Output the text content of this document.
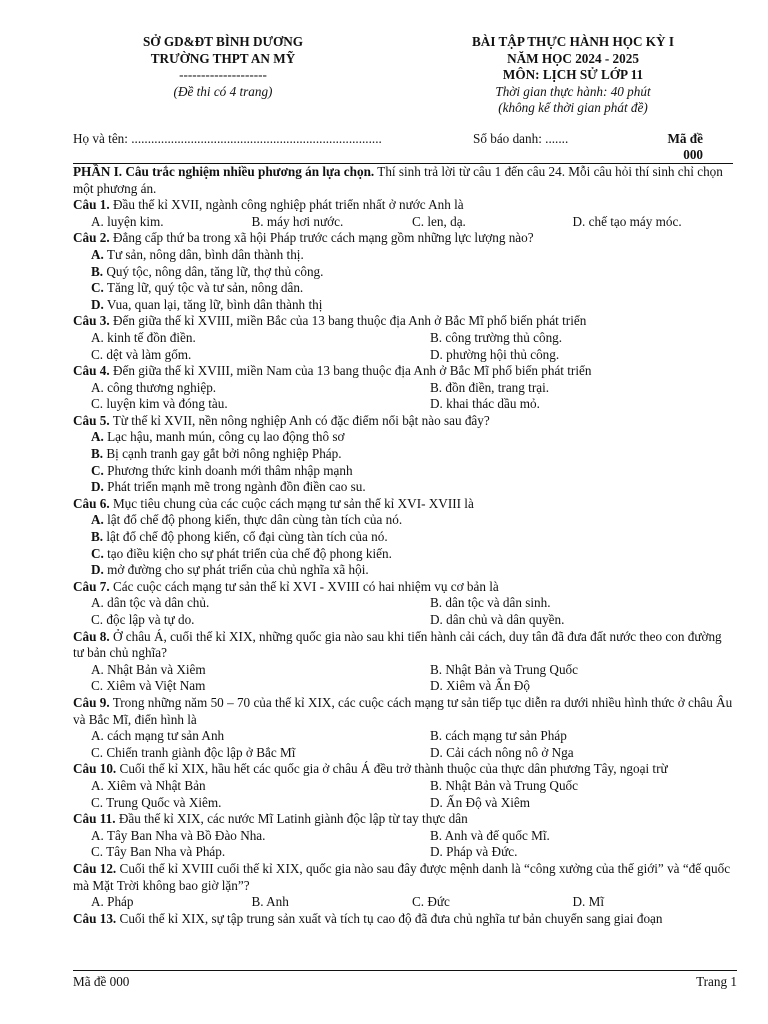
SỞ GD&ĐT BÌNH DƯƠNG
TRƯỜNG THPT AN MỸ
--------------------
(Đề thi có 4 trang)
BÀI TẬP THỰC HÀNH HỌC KỲ I
NĂM HỌC 2024 - 2025
MÔN: LỊCH SỬ LỚP 11
Thời gian thực hành: 40 phút
(không kể thời gian phát đề)
Họ và tên: ............................................................................	Số báo danh: .......	Mã đề 000
PHẦN I. Câu trắc nghiệm nhiều phương án lựa chọn. Thí sinh trả lời từ câu 1 đến câu 24. Mỗi câu hỏi thí sinh chỉ chọn một phương án.
Câu 1. Đầu thế kỉ XVII, ngành công nghiệp phát triển nhất ở nước Anh là
A. luyện kim.	B. máy hơi nước.	C. len, dạ.	D. chế tạo máy móc.
Câu 2. Đẳng cấp thứ ba trong xã hội Pháp trước cách mạng gồm những lực lượng nào?
A. Tư sản, nông dân, bình dân thành thị.
B. Quý tộc, nông dân, tăng lữ, thợ thủ công.
C. Tăng lữ, quý tộc và tư sản, nông dân.
D. Vua, quan lại, tăng lữ, bình dân thành thị
Câu 3. Đến giữa thế kỉ XVIII, miền Bắc của 13 bang thuộc địa Anh ở Bắc Mĩ phố biến phát triển
A. kinh tế đồn điền.	B. công trường thủ công.
C. dệt và làm gốm.	D. phường hội thủ công.
Câu 4. Đến giữa thế kỉ XVIII, miền Nam của 13 bang thuộc địa Anh ở Bắc Mĩ phố biến phát triển
A. công thương nghiệp.	B. đồn điền, trang trại.
C. luyện kim và đóng tàu.	D. khai thác dầu mỏ.
Câu 5. Từ thế kỉ XVII, nền nông nghiệp Anh có đặc điểm nổi bật nào sau đây?
A. Lạc hậu, manh mún, công cụ lao động thô sơ
B. Bị cạnh tranh gay gắt bởi nông nghiệp Pháp.
C. Phương thức kinh doanh mới thâm nhập mạnh
D. Phát triển mạnh mẽ trong ngành đồn điền cao su.
Câu 6. Mục tiêu chung của các cuộc cách mạng tư sản thế kỉ XVI- XVIII là
A. lật đổ chế độ phong kiến, thực dân cùng tàn tích của nó.
B. lật đổ chế độ phong kiến, cổ đại cùng tàn tích của nó.
C. tạo điều kiện cho sự phát triển của chế độ phong kiến.
D. mở đường cho sự phát triển của chủ nghĩa xã hội.
Câu 7. Các cuộc cách mạng tư sản thế kỉ XVI - XVIII có hai nhiệm vụ cơ bản là
A. dân tộc và dân chủ.	B. dân tộc và dân sinh.
C. độc lập và tự do.	D. dân chủ và dân quyền.
Câu 8. Ở châu Á, cuối thế kỉ XIX, những quốc gia nào sau khi tiến hành cải cách, duy tân đã đưa đất nước theo con đường tư bản chủ nghĩa?
A. Nhật Bản và Xiêm	B. Nhật Bản và Trung Quốc
C. Xiêm và Việt Nam	D. Xiêm và Ấn Độ
Câu 9. Trong những năm 50 – 70 của thế kỉ XIX, các cuộc cách mạng tư sản tiếp tục diễn ra dưới nhiều hình thức ở châu Âu và Bắc Mĩ, điển hình là
A. cách mạng tư sản Anh	B. cách mạng tư sản Pháp
C. Chiến tranh giành độc lập ở Bắc Mĩ	D. Cải cách nông nô ở Nga
Câu 10. Cuối thế kỉ XIX, hầu hết các quốc gia ở châu Á đều trở thành thuộc của thực dân phương Tây, ngoại trừ
A. Xiêm và Nhật Bản	B. Nhật Bản và Trung Quốc
C. Trung Quốc và Xiêm.	D. Ấn Độ và Xiêm
Câu 11. Đầu thế kỉ XIX, các nước Mĩ Latinh giành độc lập từ tay thực dân
A. Tây Ban Nha và Bồ Đào Nha.	B. Anh và đế quốc Mĩ.
C. Tây Ban Nha và Pháp.	D. Pháp và Đức.
Câu 12. Cuối thế kỉ XVIII cuối thế kỉ XIX, quốc gia nào sau đây được mệnh danh là “công xưởng của thế giới” và “đế quốc mà Mặt Trời không bao giờ lặn”?
A. Pháp	B. Anh	C. Đức	D. Mĩ
Câu 13. Cuối thế kỉ XIX, sự tập trung sản xuất và tích tụ cao độ đã đưa chủ nghĩa tư bản chuyển sang giai đoạn
Mã đề 000	Trang 1
